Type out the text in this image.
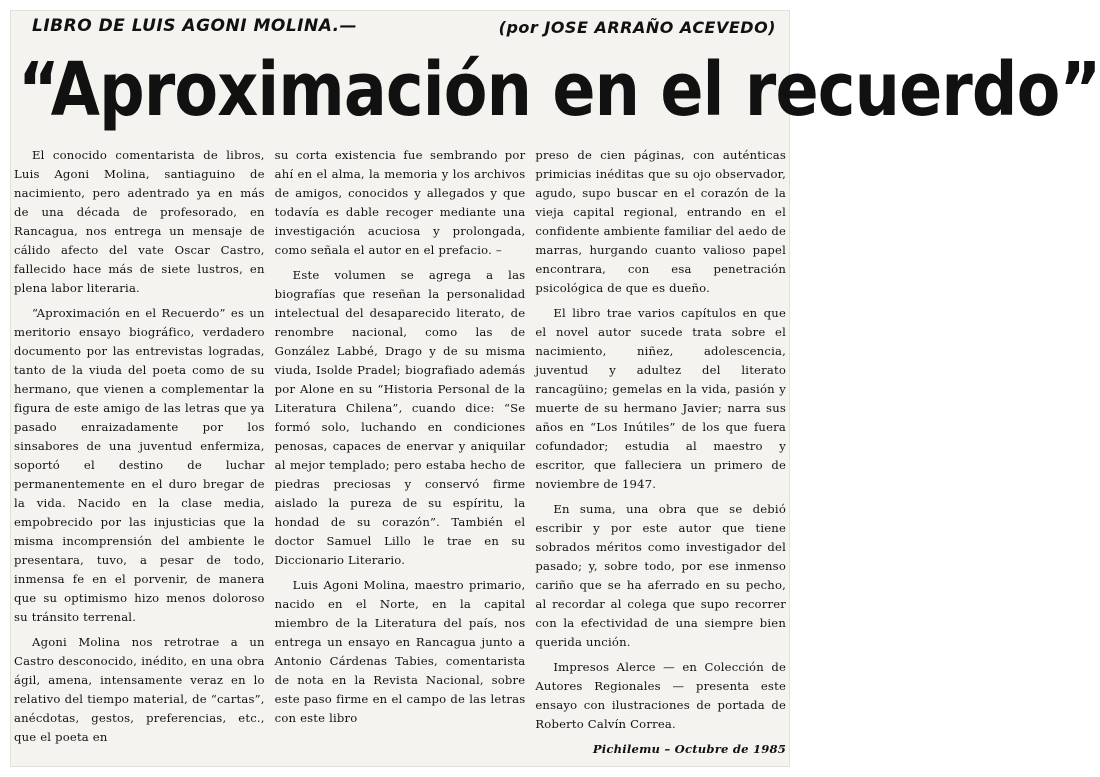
LIBRO DE LUIS AGONI MOLINA.—	(por JOSE ARRAÑO ACEVEDO)
“Aproximación en el recuerdo”

El conocido comentarista de libros, Luis Agoni Molina, santiaguino de nacimiento, pero adentrado ya en más de una década de profesorado, en Rancagua, nos entrega un mensaje de cálido afecto del vate Oscar Castro, fallecido hace más de siete lustros, en plena labor literaria.

“Aproximación en el Recuerdo” es un meritorio ensayo biográfico, verdadero documento por las entrevistas logradas, tanto de la viuda del poeta como de su hermano, que vienen a complementar la figura de este amigo de las letras que ya pasado enraizadamente por los sinsabores de una juventud enfermiza, soportó el destino de luchar permanentemente en el duro bregar de la vida. Nacido en la clase media, empobrecido por las injusticias que la misma incomprensión del ambiente le presentara, tuvo, a pesar de todo, inmensa fe en el porvenir, de manera que su optimismo hizo menos doloroso su tránsito terrenal.

Agoni Molina nos retrotrae a un Castro desconocido, inédito, en una obra ágil, amena, intensamente veraz en lo relativo del tiempo material, de “cartas”, anécdotas, gestos, preferencias, etc., que el poeta en

su corta existencia fue sembrando por ahí en el alma, la memoria y los archivos de amigos, conocidos y allegados y que todavía es dable recoger mediante una investigación acuciosa y prolongada, como señala el autor en el prefacio. –

Este volumen se agrega a las biografías que reseñan la personalidad intelectual del desaparecido literato, de renombre nacional, como las de González Labbé, Drago y de su misma viuda, Isolde Pradel; biografiado además por Alone en su “Historia Personal de la Literatura Chilena”, cuando dice: “Se formó solo, luchando en condiciones penosas, capaces de enervar y aniquilar al mejor templado; pero estaba hecho de piedras preciosas y conservó firme aislado la pureza de su espíritu, la hondad de su corazón”. También el doctor Samuel Lillo le trae en su Diccionario Literario.

Luis Agoni Molina, maestro primario, nacido en el Norte, en la capital miembro de la Literatura del país, nos entrega un ensayo en Rancagua junto a Antonio Cárdenas Tabies, comentarista de nota en la Revista Nacional, sobre este paso firme en el campo de las letras con este libro

preso de cien páginas, con auténticas primicias inéditas que su ojo observador, agudo, supo buscar en el corazón de la vieja capital regional, entrando en el confidente ambiente familiar del aedo de marras, hurgando cuanto valioso papel encontrara, con esa penetración psicológica de que es dueño.

El libro trae varios capítulos en que el novel autor sucede trata sobre el nacimiento, niñez, adolescencia, juventud y adultez del literato rancagüino; gemelas en la vida, pasión y muerte de su hermano Javier; narra sus años en “Los Inútiles” de los que fuera cofundador; estudia al maestro y escritor, que falleciera un primero de noviembre de 1947.

En suma, una obra que se debió escribir y por este autor que tiene sobrados méritos como investigador del pasado; y, sobre todo, por ese inmenso cariño que se ha aferrado en su pecho, al recordar al colega que supo recorrer con la efectividad de una siempre bien querida unción.

Impresos Alerce — en Colección de Autores Regionales — presenta este ensayo con ilustraciones de portada de Roberto Calvín Correa.

Pichilemu – Octubre de 1985
